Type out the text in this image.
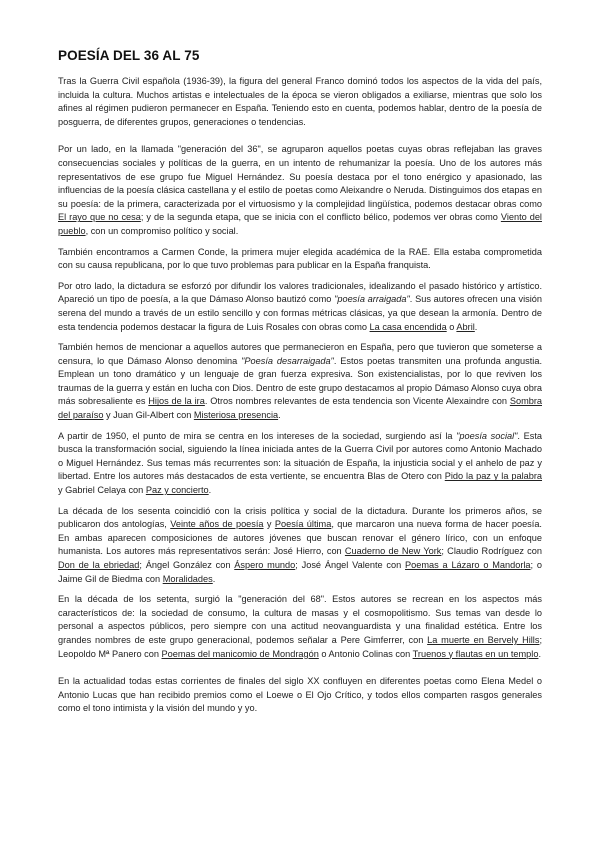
POESÍA DEL 36 AL 75

Tras la Guerra Civil española (1936-39), la figura del general Franco dominó todos los aspectos de la vida del país, incluida la cultura. Muchos artistas e intelectuales de la época se vieron obligados a exiliarse, mientras que solo los afines al régimen pudieron permanecer en España. Teniendo esto en cuenta, podemos hablar, dentro de la poesía de posguerra, de diferentes grupos, generaciones o tendencias.

Por un lado, en la llamada "generación del 36", se agruparon aquellos poetas cuyas obras reflejaban las graves consecuencias sociales y políticas de la guerra, en un intento de rehumanizar la poesía. Uno de los autores más representativos de ese grupo fue Miguel Hernández. Su poesía destaca por el tono enérgico y apasionado, las influencias de la poesía clásica castellana y el estilo de poetas como Aleixandre o Neruda. Distinguimos dos etapas en su poesía: de la primera, caracterizada por el virtuosismo y la complejidad lingüística, podemos destacar obras como El rayo que no cesa; y de la segunda etapa, que se inicia con el conflicto bélico, podemos ver obras como Viento del pueblo, con un compromiso político y social.

También encontramos a Carmen Conde, la primera mujer elegida académica de la RAE. Ella estaba comprometida con su causa republicana, por lo que tuvo problemas para publicar en la España franquista.

Por otro lado, la dictadura se esforzó por difundir los valores tradicionales, idealizando el pasado histórico y artístico. Apareció un tipo de poesía, a la que Dámaso Alonso bautizó como "poesía arraigada". Sus autores ofrecen una visión serena del mundo a través de un estilo sencillo y con formas métricas clásicas, ya que desean la armonía. Dentro de esta tendencia podemos destacar la figura de Luis Rosales con obras como La casa encendida o Abril.

También hemos de mencionar a aquellos autores que permanecieron en España, pero que tuvieron que someterse a censura, lo que Dámaso Alonso denomina "Poesía desarraigada". Estos poetas transmiten una profunda angustia. Emplean un tono dramático y un lenguaje de gran fuerza expresiva. Son existencialistas, por lo que reviven los traumas de la guerra y están en lucha con Dios. Dentro de este grupo destacamos al propio Dámaso Alonso cuya obra más sobresaliente es Hijos de la ira. Otros nombres relevantes de esta tendencia son Vicente Alexaindre con Sombra del paraíso y Juan Gil-Albert con Misteriosa presencia.

A partir de 1950, el punto de mira se centra en los intereses de la sociedad, surgiendo así la "poesía social". Esta busca la transformación social, siguiendo la línea iniciada antes de la Guerra Civil por autores como Antonio Machado o Miguel Hernández. Sus temas más recurrentes son: la situación de España, la injusticia social y el anhelo de paz y libertad. Entre los autores más destacados de esta vertiente, se encuentra Blas de Otero con Pido la paz y la palabra y Gabriel Celaya con Paz y concierto.

La década de los sesenta coincidió con la crisis política y social de la dictadura. Durante los primeros años, se publicaron dos antologías, Veinte años de poesía y Poesía última, que marcaron una nueva forma de hacer poesía. En ambas aparecen composiciones de autores jóvenes que buscan renovar el género lírico, con un enfoque humanista. Los autores más representativos serán: José Hierro, con Cuaderno de New York; Claudio Rodríguez con Don de la ebriedad; Ángel González con Áspero mundo; José Ángel Valente con Poemas a Lázaro o Mandorla; o Jaime Gil de Biedma con Moralidades.

En la década de los setenta, surgió la "generación del 68". Estos autores se recrean en los aspectos más característicos de: la sociedad de consumo, la cultura de masas y el cosmopolitismo. Sus temas van desde lo personal a aspectos públicos, pero siempre con una actitud neovanguardista y una finalidad estética. Entre los grandes nombres de este grupo generacional, podemos señalar a Pere Gimferrer, con La muerte en Bervely Hills; Leopoldo Mª Panero con Poemas del manicomio de Mondragón o Antonio Colinas con Truenos y flautas en un templo.

En la actualidad todas estas corrientes de finales del siglo XX confluyen en diferentes poetas como Elena Medel o Antonio Lucas que han recibido premios como el Loewe o El Ojo Crítico, y todos ellos comparten rasgos generales como el tono intimista y la visión del mundo y yo.
